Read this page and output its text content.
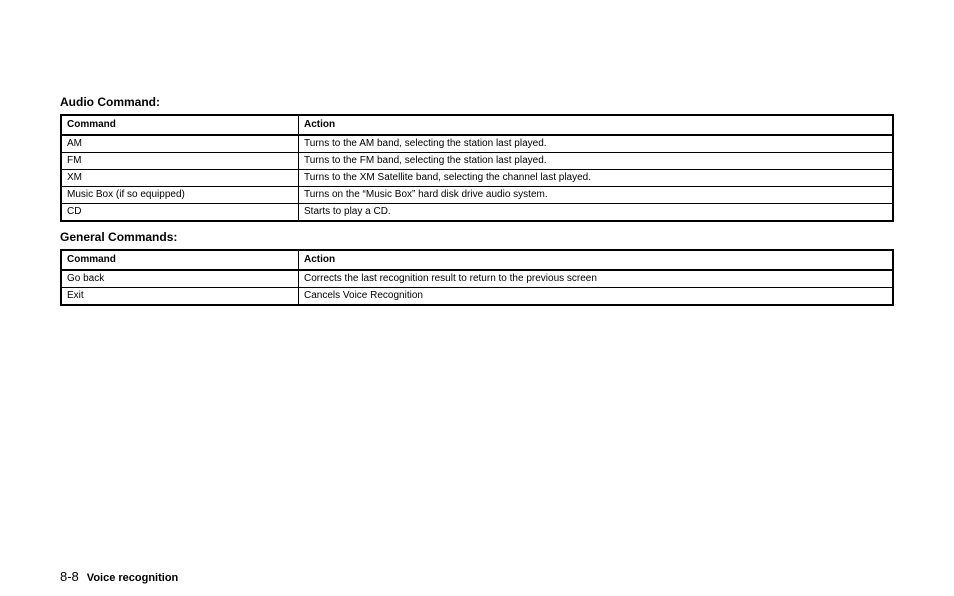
Audio Command:
Command	Action
AM	Turns to the AM band, selecting the station last played.
FM	Turns to the FM band, selecting the station last played.
XM	Turns to the XM Satellite band, selecting the channel last played.
Music Box (if so equipped)	Turns on the “Music Box” hard disk drive audio system.
CD	Starts to play a CD.
General Commands:
Command	Action
Go back	Corrects the last recognition result to return to the previous screen
Exit	Cancels Voice Recognition
8-8 Voice recognition
